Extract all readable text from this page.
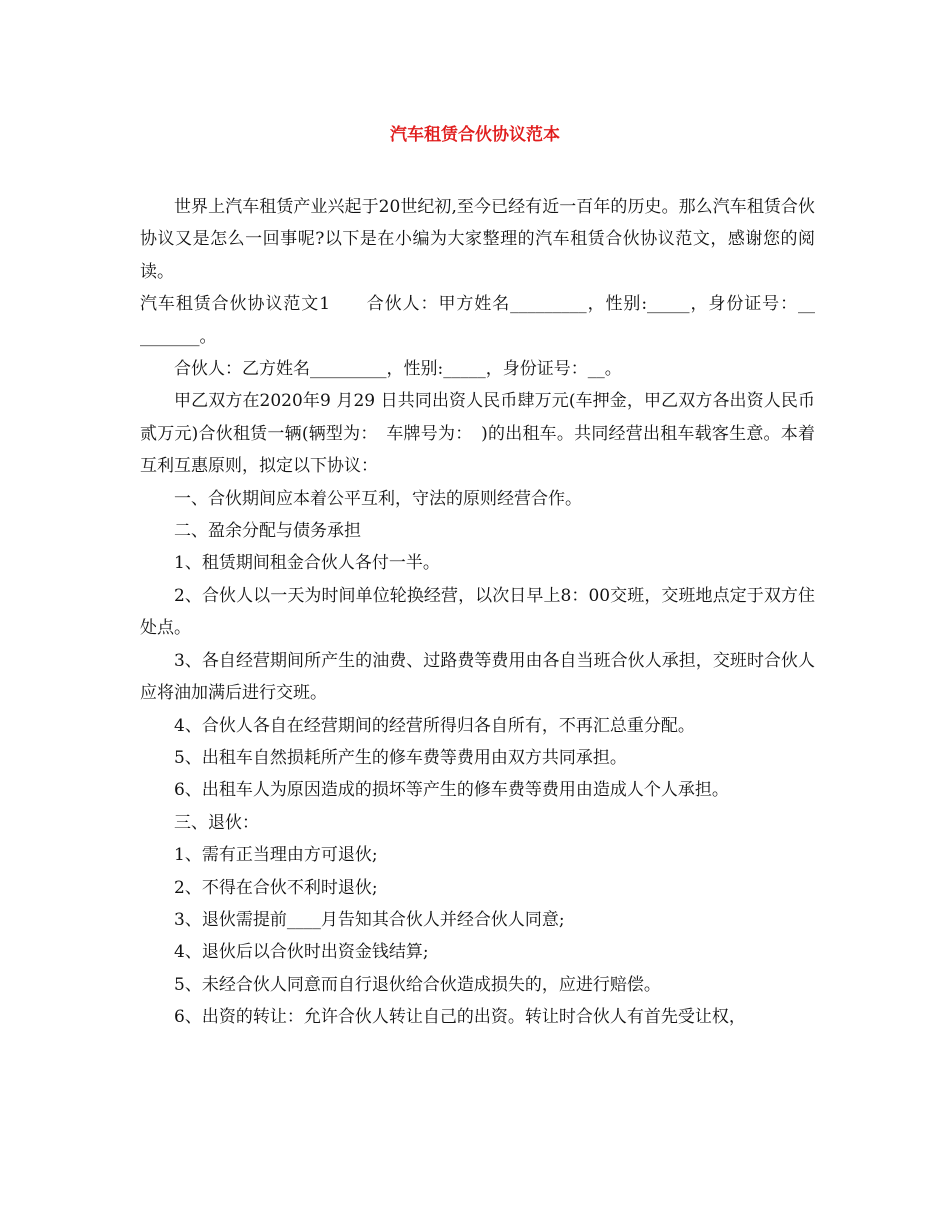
汽车租赁合伙协议范本

世界上汽车租赁产业兴起于20世纪初,至今已经有近一百年的历史。那么汽车租赁合伙协议又是怎么一回事呢?以下是在小编为大家整理的汽车租赁合伙协议范文，感谢您的阅读。

汽车租赁合伙协议范文1　　合伙人：甲方姓名_________，性别:_____，身份证号：__ _______。

合伙人：乙方姓名_________，性别:_____，身份证号：__。

甲乙双方在2020年9 月29 日共同出资人民币肆万元(车押金，甲乙双方各出资人民币贰万元)合伙租赁一辆(辆型为：　车牌号为：　)的出租车。共同经营出租车载客生意。本着互利互惠原则，拟定以下协议：

一、合伙期间应本着公平互利，守法的原则经营合作。

二、盈余分配与债务承担

1、租赁期间租金合伙人各付一半。

2、合伙人以一天为时间单位轮换经营，以次日早上8：00交班，交班地点定于双方住处点。

3、各自经营期间所产生的油费、过路费等费用由各自当班合伙人承担，交班时合伙人应将油加满后进行交班。

4、合伙人各自在经营期间的经营所得归各自所有，不再汇总重分配。

5、出租车自然损耗所产生的修车费等费用由双方共同承担。

6、出租车人为原因造成的损坏等产生的修车费等费用由造成人个人承担。

三、退伙：

1、需有正当理由方可退伙;

2、不得在合伙不利时退伙;

3、退伙需提前____月告知其合伙人并经合伙人同意;

4、退伙后以合伙时出资金钱结算;

5、未经合伙人同意而自行退伙给合伙造成损失的，应进行赔偿。

6、出资的转让：允许合伙人转让自己的出资。转让时合伙人有首先受让权，
